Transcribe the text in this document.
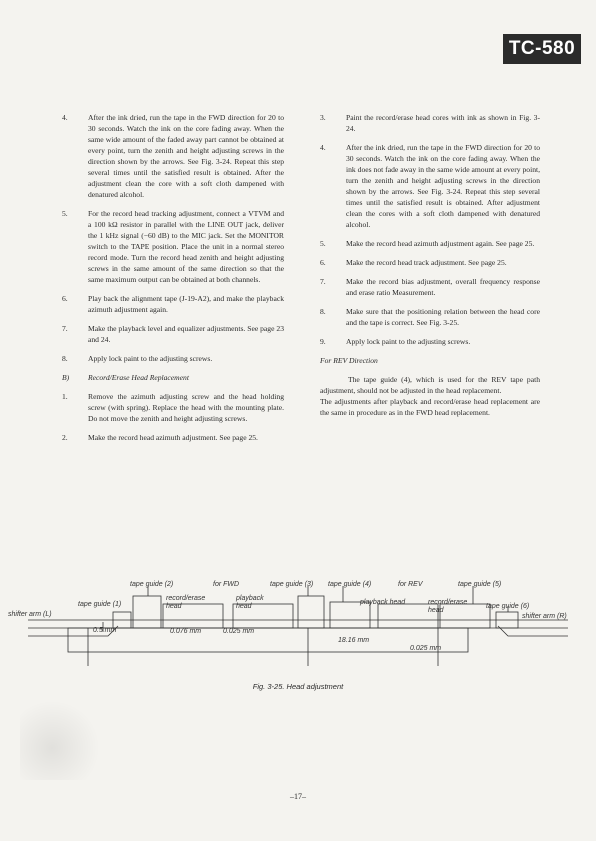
TC-580
4.	After the ink dried, run the tape in the FWD direction for 20 to 30 seconds. Watch the ink on the core fading away. When the same wide amount of the faded away part cannot be obtained at every point, turn the zenith and height adjusting screws in the direction shown by the arrows. See Fig. 3-24. Repeat this step several times until the satisfied result is obtained. After the adjustment clean the core with a soft cloth dampened with denatured alcohol.
5.	For the record head tracking adjustment, connect a VTVM and a 100 kΩ resistor in parallel with the LINE OUT jack, deliver the 1 kHz signal (−60 dB) to the MIC jack. Set the MONITOR switch to the TAPE position. Place the unit in a normal stereo record mode. Turn the record head zenith and height adjusting screws in the same amount of the same direction so that the same maximum output can be obtained at both channels.
6.	Play back the alignment tape (J-19-A2), and make the playback azimuth adjustment again.
7.	Make the playback level and equalizer adjustments. See page 23 and 24.
8.	Apply lock paint to the adjusting screws.
B)	Record/Erase Head Replacement
1.	Remove the azimuth adjusting screw and the head holding screw (with spring). Replace the head with the mounting plate. Do not move the zenith and height adjusting screws.
2.	Make the record head azimuth adjustment. See page 25.
3.	Paint the record/erase head cores with ink as shown in Fig. 3-24.
4.	After the ink dried, run the tape in the FWD direction for 20 to 30 seconds. Watch the ink on the core fading away. When the ink does not fade away in the same wide amount at every point, turn the zenith and height adjusting screws in the direction shown by the arrows. See Fig. 3-24. Repeat this step several times until the satisfied result is obtained. After adjustment clean the cores with a soft cloth dampened with denatured alcohol.
5.	Make the record head azimuth adjustment again. See page 25.
6.	Make the record head track adjustment. See page 25.
7.	Make the record bias adjustment, overall frequency response and erase ratio Measurement.
8.	Make sure that the positioning relation between the head core and the tape is correct. See Fig. 3-25.
9.	Apply lock paint to the adjusting screws.
For REV Direction
The tape guide (4), which is used for the REV tape path adjustment, should not be adjusted in the head replacement.
The adjustments after playback and record/erase head replacement are the same in procedure as in the FWD head replacement.
tape guide (2)	for FWD	tape guide (3) tape guide (4)	for REV	tape guide (5)
tape guide (1)
record/erase
head
playback
head
playback head	record/erase
head
tape guide (6)
shifter arm (L)	shifter arm (R)
0.5 mm	0.076 mm	0.025 mm
18.16 mm
0.025 mm
Fig. 3-25. Head adjustment
–17–
